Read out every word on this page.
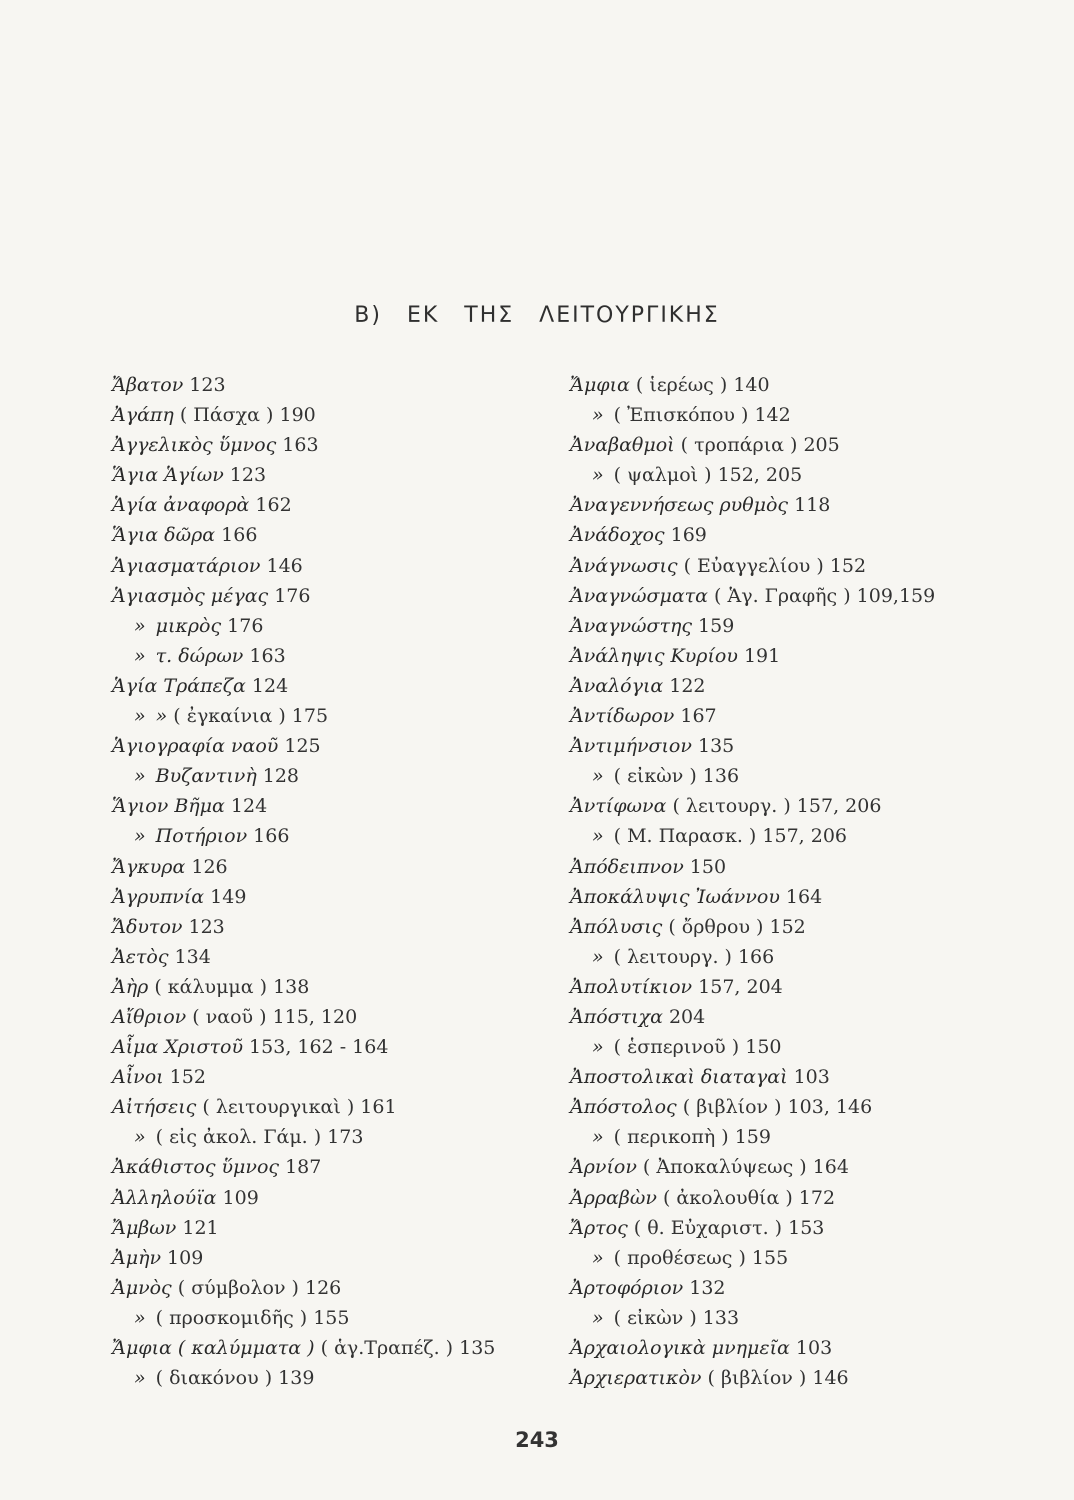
Β) ΕΚ ΤΗΣ ΛΕΙΤΟΥΡΓΙΚΗΣ
Ἄβατον 123
Ἀγάπη ( Πάσχα ) 190
Ἀγγελικὸς ὕμνος 163
Ἅγια Ἁγίων 123
Ἁγία ἀναφορὰ 162
Ἅγια δῶρα 166
Ἁγιασματάριον 146
Ἁγιασμὸς μέγας 176
» μικρὸς 176
» τ. δώρων 163
Ἁγία Τράπεζα 124
» » ( ἐγκαίνια ) 175
Ἁγιογραφία ναοῦ 125
» Βυζαντινὴ 128
Ἅγιον Βῆμα 124
» Ποτήριον 166
Ἄγκυρα 126
Ἀγρυπνία 149
Ἄδυτον 123
Ἀετὸς 134
Ἀὴρ ( κάλυμμα ) 138
Αἴθριον ( ναοῦ ) 115, 120
Αἷμα Χριστοῦ 153, 162 - 164
Αἶνοι 152
Αἰτήσεις ( λειτουργικαὶ ) 161
» ( εἰς ἀκολ. Γάμ. ) 173
Ἀκάθιστος ὕμνος 187
Ἀλληλούϊα 109
Ἄμβων 121
Ἀμὴν 109
Ἀμνὸς ( σύμβολον ) 126
» ( προσκομιδῆς ) 155
Ἄμφια ( καλύμματα ) ( ἁγ.Τραπέζ. ) 135
» ( διακόνου ) 139
Ἄμφια ( ἱερέως ) 140
» ( Ἐπισκόπου ) 142
Ἀναβαθμοὶ ( τροπάρια ) 205
» ( ψαλμοὶ ) 152, 205
Ἀναγεννήσεως ρυθμὸς 118
Ἀνάδοχος 169
Ἀνάγνωσις ( Εὐαγγελίου ) 152
Ἀναγνώσματα ( Ἁγ. Γραφῆς ) 109,159
Ἀναγνώστης 159
Ἀνάληψις Κυρίου 191
Ἀναλόγια 122
Ἀντίδωρον 167
Ἀντιμήνσιον 135
» ( εἰκὼν ) 136
Ἀντίφωνα ( λειτουργ. ) 157, 206
» ( Μ. Παρασκ. ) 157, 206
Ἀπόδειπνον 150
Ἀποκάλυψις Ἰωάννου 164
Ἀπόλυσις ( ὄρθρου ) 152
» ( λειτουργ. ) 166
Ἀπολυτίκιον 157, 204
Ἀπόστιχα 204
» ( ἑσπερινοῦ ) 150
Ἀποστολικαὶ διαταγαὶ 103
Ἀπόστολος ( βιβλίον ) 103, 146
» ( περικοπὴ ) 159
Ἀρνίον ( Ἀποκαλύψεως ) 164
Ἀρραβὼν ( ἀκολουθία ) 172
Ἄρτος ( θ. Εὐχαριστ. ) 153
» ( προθέσεως ) 155
Ἀρτοφόριον 132
» ( εἰκὼν ) 133
Ἀρχαιολογικὰ μνημεῖα 103
Ἀρχιερατικὸν ( βιβλίον ) 146
243
